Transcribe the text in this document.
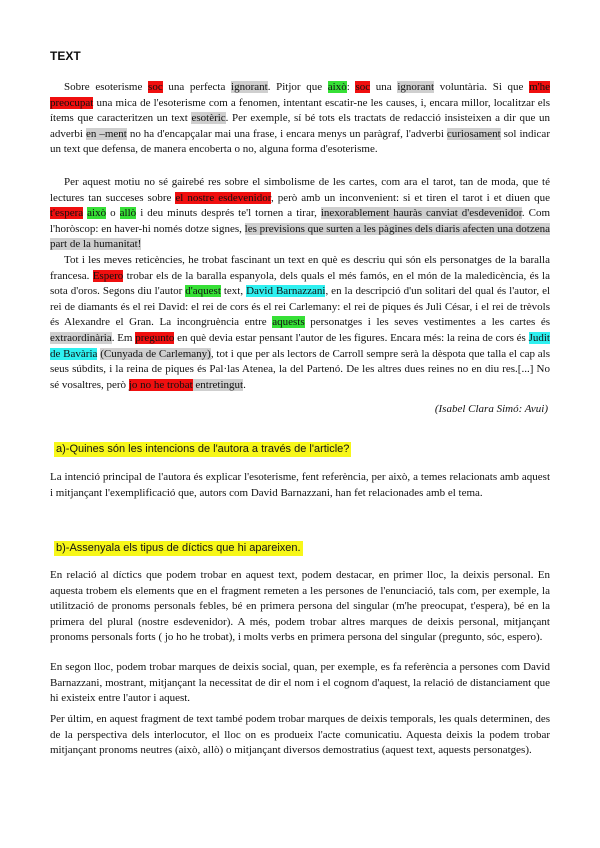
TEXT

Sobre esoterisme soc una perfecta ignorant. Pitjor que això: soc una ignorant voluntària. Si que m'he preocupat una mica de l'esoterisme com a fenomen, intentant escatir-ne les causes, i, encara millor, localitzar els ítems que caracteritzen un text esotèric. Per exemple, sí bé tots els tractats de redacció insisteixen a dir que un adverbi en –ment no ha d'encapçalar mai una frase, i encara menys un paràgraf, l'adverbi curiosament sol indicar un text que defensa, de manera encoberta o no, alguna forma d'esoterisme.

Per aquest motiu no sé gairebé res sobre el simbolisme de les cartes, com ara el tarot, tan de moda, que té lectures tan succeses sobre el nostre esdevenidor, però amb un inconvenient: si et tiren el tarot i et diuen que t'espera això o allò i deu minuts després te'l tornen a tirar, inexorablement hauràs canviat d'esdevenidor. Com l'horòscop: en haver-hi només dotze signes, les previsions que surten a les pàgines dels diaris afecten una dotzena part de la humanitat!

Tot i les meves reticències, he trobat fascinant un text en què es descriu qui són els personatges de la baralla francesa. Espero trobar els de la baralla espanyola, dels quals el més famós, en el món de la maledicència, és la sota d'oros. Segons diu l'autor d'aquest text, David Barnazzani, en la descripció d'un solitari del qual és l'autor, el rei de diamants és el rei David: el rei de cors és el rei Carlemany: el rei de piques és Juli César, i el rei de trèvols és Alexandre el Gran. La incongruència entre aquests personatges i les seves vestimentes a les cartes és extraordinària. Em pregunto en què devia estar pensant l'autor de les figures. Encara més: la reina de cors és Judit de Bavària (Cunyada de Carlemany), tot i que per als lectors de Carroll sempre serà la dèspota que talla el cap als seus súbdits, i la reina de piques és Pal·las Atenea, la del Partenó. De les altres dues reines no en diu res.[...] No sé vosaltres, però jo no he trobat entretingut.

(Isabel Clara Simó: Avui)
a)-Quines són les intencions de l'autora a través de l'article?

La intenció principal de l'autora és explicar l'esoterisme, fent referència, per això, a temes relacionats amb aquest i mitjançant l'exemplificació que, autors com David Barnazzani, han fet relacionades amb el tema.

b)-Assenyala els tipus de díctics que hi apareixen.

En relació al díctics que podem trobar en aquest text, podem destacar, en primer lloc, la deixis personal. En aquesta trobem els elements que en el fragment remeten a les persones de l'enunciació, tals com, per exemple, la utilització de pronoms personals febles, bé en primera persona del singular (m'he preocupat, t'espera), bé en la primera del plural (nostre esdevenidor). A més, podem trobar altres marques de deixis personal, mitjançant pronoms personals forts ( jo ho he trobat), i molts verbs en primera persona del singular (pregunto, sóc, espero).

En segon lloc, podem trobar marques de deixis social, quan, per exemple, es fa referència a persones com David Barnazzani, mostrant, mitjançant la necessitat de dir el nom i el cognom d'aquest, la relació de distanciament que hi existeix entre l'autor i aquest.

Per últim, en aquest fragment de text també podem trobar marques de deixis temporals, les quals determinen, des de la perspectiva dels interlocutor, el lloc on es produeix l'acte comunicatiu. Aquesta deixis la podem trobar mitjançant pronoms neutres (això, allò) o mitjançant diversos demostratius (aquest text, aquests personatges).
